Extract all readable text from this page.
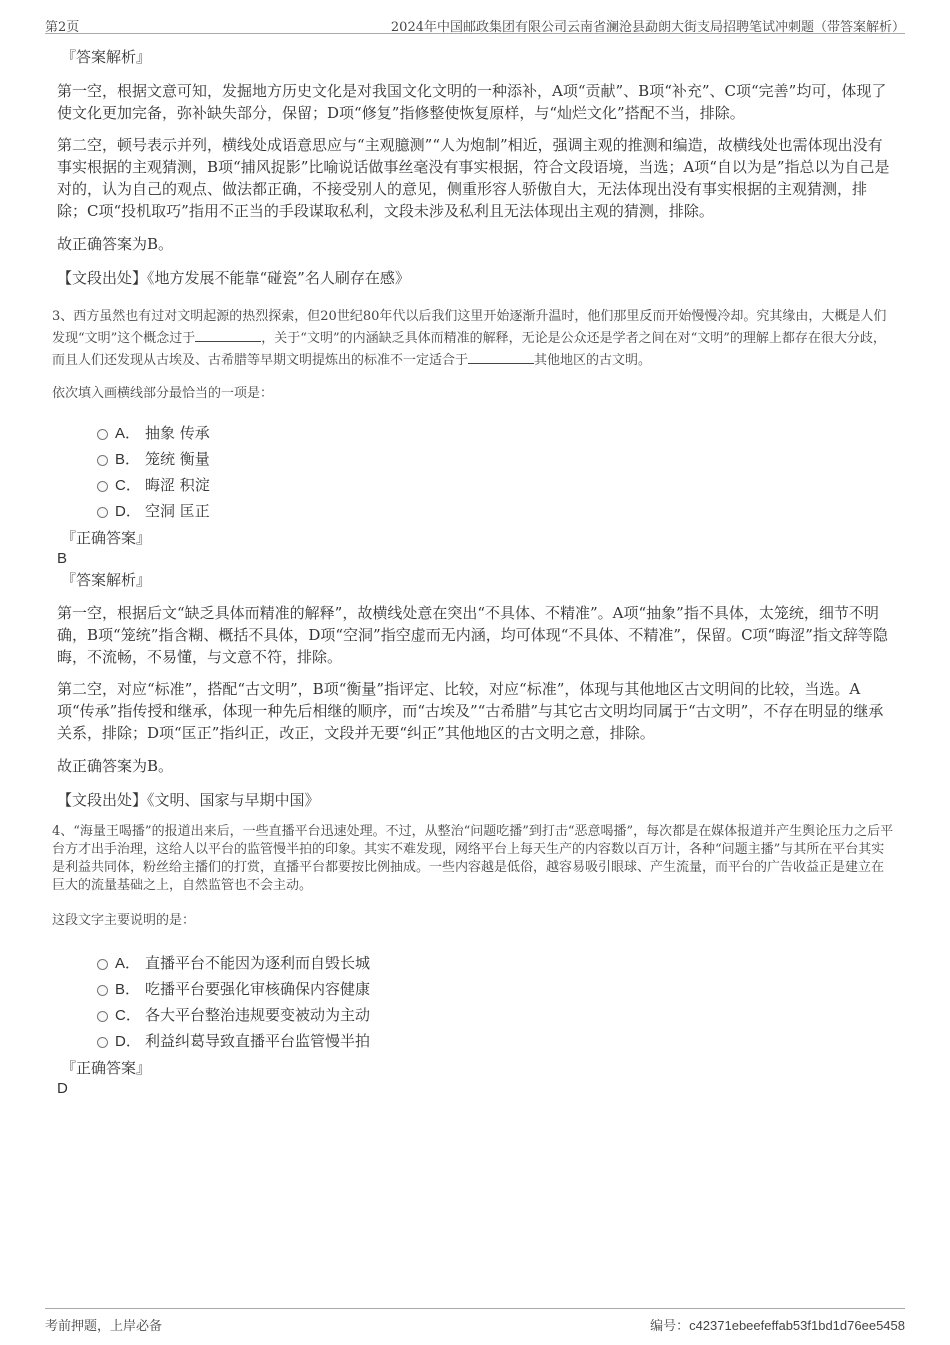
第2页	2024年中国邮政集团有限公司云南省澜沧县勐朗大街支局招聘笔试冲刺题（带答案解析）
『答案解析』

第一空，根据文意可知，发掘地方历史文化是对我国文化文明的一种添补，A项“贡献”、B项“补充”、C项“完善”均可，体现了使文化更加完备，弥补缺失部分，保留；D项“修复”指修整使恢复原样，与“灿烂文化”搭配不当，排除。

第二空，顿号表示并列，横线处成语意思应与“主观臆测”“人为炮制”相近，强调主观的推测和编造，故横线处也需体现出没有事实根据的主观猜测，B项“捕风捉影”比喻说话做事丝毫没有事实根据，符合文段语境，当选；A项“自以为是”指总以为自己是对的，认为自己的观点、做法都正确，不接受别人的意见，侧重形容人骄傲自大，无法体现出没有事实根据的主观猜测，排除；C项“投机取巧”指用不正当的手段谋取私利，文段未涉及私利且无法体现出主观的猜测，排除。

故正确答案为B。

【文段出处】《地方发展不能靠“碰瓷”名人刷存在感》

3、西方虽然也有过对文明起源的热烈探索，但20世纪80年代以后我们这里开始逐渐升温时，他们那里反而开始慢慢冷却。究其缘由，大概是人们发现“文明”这个概念过于	，关于“文明”的内涵缺乏具体而精准的解释，无论是公众还是学者之间在对“文明”的理解上都存在很大分歧，而且人们还发现从古埃及、古希腊等早期文明提炼出的标准不一定适合于	其他地区的古文明。
依次填入画横线部分最恰当的一项是：
A． 抽象 传承
B． 笼统 衡量
C． 晦涩 积淀
D． 空洞 匡正
『正确答案』
B
『答案解析』

第一空，根据后文“缺乏具体而精准的解释”，故横线处意在突出“不具体、不精准”。A项“抽象”指不具体，太笼统，细节不明确，B项“笼统”指含糊、概括不具体，D项“空洞”指空虚而无内涵，均可体现“不具体、不精准”，保留。C项“晦涩”指文辞等隐晦，不流畅，不易懂，与文意不符，排除。

第二空，对应“标准”，搭配“古文明”，B项“衡量”指评定、比较，对应“标准”，体现与其他地区古文明间的比较，当选。A项“传承”指传授和继承，体现一种先后相继的顺序，而“古埃及”“古希腊”与其它古文明均同属于“古文明”，不存在明显的继承关系，排除；D项“匡正”指纠正，改正，文段并无要“纠正”其他地区的古文明之意，排除。

故正确答案为B。

【文段出处】《文明、国家与早期中国》

4、“海量王喝播”的报道出来后，一些直播平台迅速处理。不过，从整治“问题吃播”到打击“恶意喝播”，每次都是在媒体报道并产生舆论压力之后平台方才出手治理，这给人以平台的监管慢半拍的印象。其实不难发现，网络平台上每天生产的内容数以百万计，各种“问题主播”与其所在平台其实是利益共同体，粉丝给主播们的打赏，直播平台都要按比例抽成。一些内容越是低俗，越容易吸引眼球、产生流量，而平台的广告收益正是建立在巨大的流量基础之上，自然监管也不会主动。
这段文字主要说明的是：
A． 直播平台不能因为逐利而自毁长城
B． 吃播平台要强化审核确保内容健康
C． 各大平台整治违规要变被动为主动
D． 利益纠葛导致直播平台监管慢半拍
『正确答案』
D
考前押题，上岸必备	编号：c42371ebeefeffab53f1bd1d76ee5458
